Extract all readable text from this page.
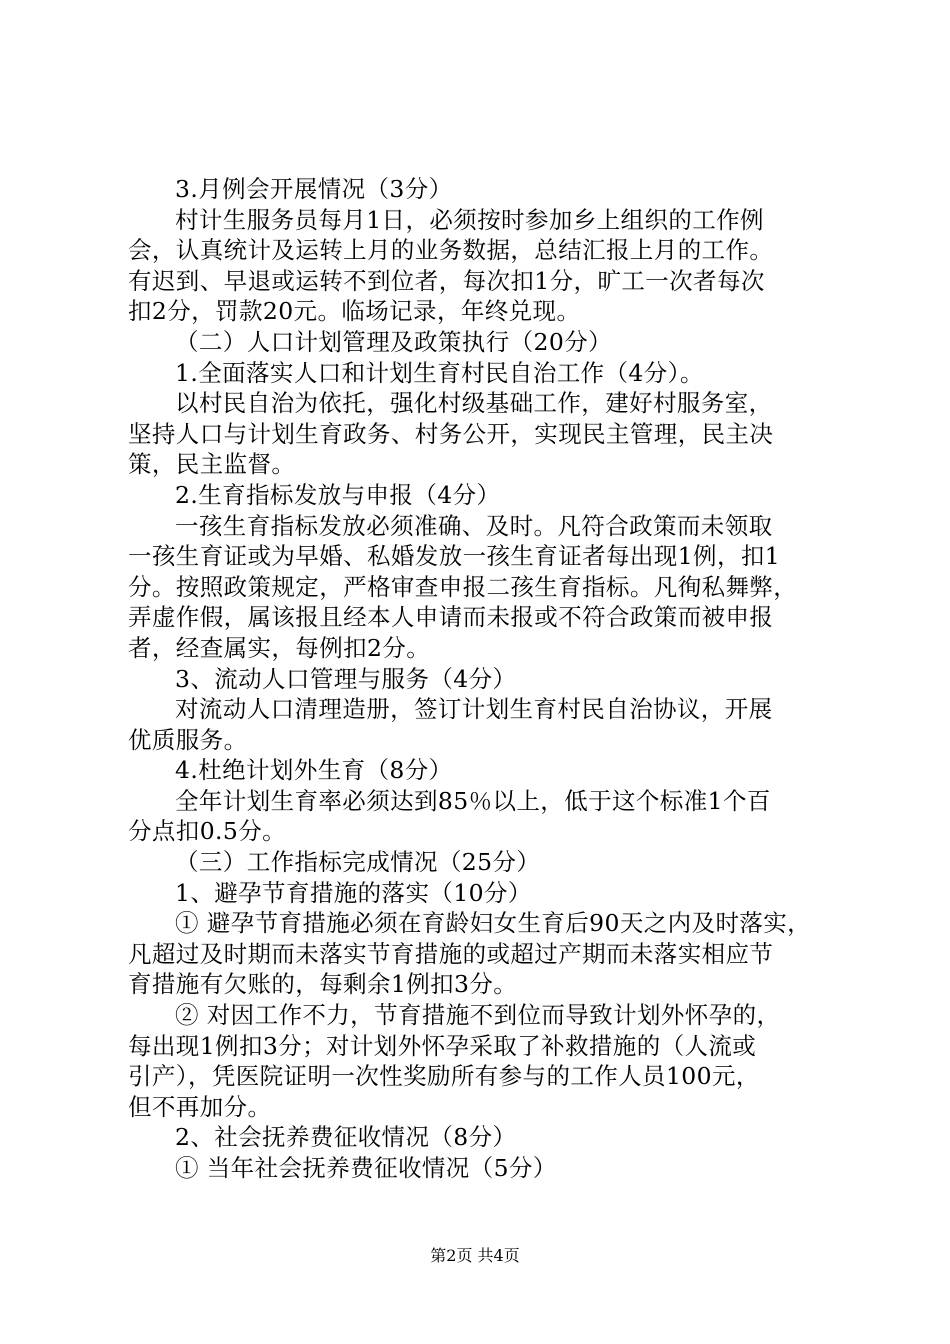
3.月例会开展情况（3分）
村计生服务员每月1日，必须按时参加乡上组织的工作例
会，认真统计及运转上月的业务数据，总结汇报上月的工作。
有迟到、早退或运转不到位者，每次扣1分，旷工一次者每次
扣2分，罚款20元。临场记录，年终兑现。
（二）人口计划管理及政策执行（20分）
1.全面落实人口和计划生育村民自治工作（4分）。
以村民自治为依托，强化村级基础工作，建好村服务室，
坚持人口与计划生育政务、村务公开，实现民主管理，民主决
策，民主监督。
2.生育指标发放与申报（4分）
一孩生育指标发放必须准确、及时。凡符合政策而未领取
一孩生育证或为早婚、私婚发放一孩生育证者每出现1例，扣1
分。按照政策规定，严格审查申报二孩生育指标。凡徇私舞弊，
弄虚作假，属该报且经本人申请而未报或不符合政策而被申报
者，经查属实，每例扣2分。
3、流动人口管理与服务（4分）
对流动人口清理造册，签订计划生育村民自治协议，开展
优质服务。
4.杜绝计划外生育（8分）
全年计划生育率必须达到85％以上，低于这个标准1个百
分点扣0.5分。
（三）工作指标完成情况（25分）
1、避孕节育措施的落实（10分）
① 避孕节育措施必须在育龄妇女生育后90天之内及时落实，
凡超过及时期而未落实节育措施的或超过产期而未落实相应节
育措施有欠账的，每剩余1例扣3分。
② 对因工作不力，节育措施不到位而导致计划外怀孕的，
每出现1例扣3分；对计划外怀孕采取了补救措施的（人流或
引产），凭医院证明一次性奖励所有参与的工作人员100元，
但不再加分。
2、社会抚养费征收情况（8分）
① 当年社会抚养费征收情况（5分）
第2页 共4页
